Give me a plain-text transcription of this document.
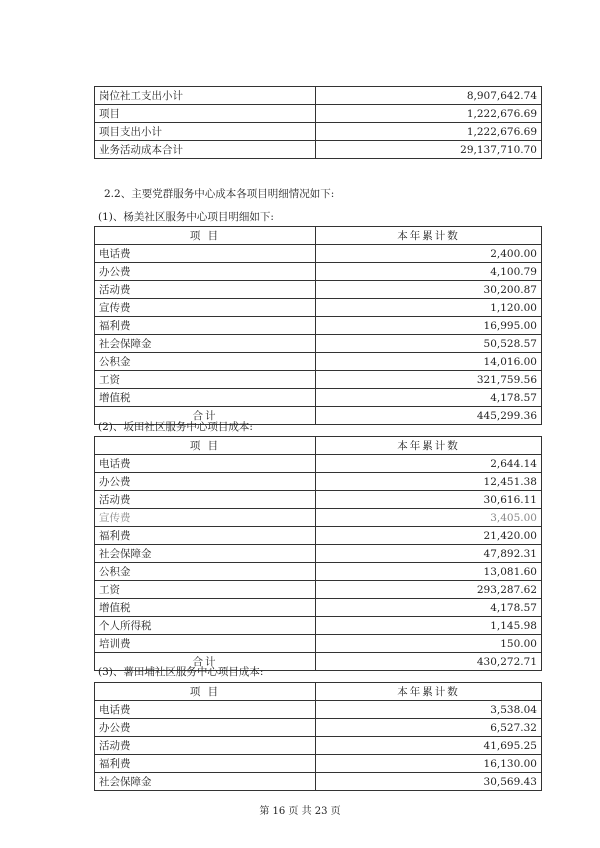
岗位社工支出小计	8,907,642.74
项目	1,222,676.69
项目支出小计	1,222,676.69
业务活动成本合计	29,137,710.70
2.2、主要党群服务中心成本各项目明细情况如下:
(1)、杨美社区服务中心项目明细如下:
项 目	本年累计数
电话费	2,400.00
办公费	4,100.79
活动费	30,200.87
宣传费	1,120.00
福利费	16,995.00
社会保障金	50,528.57
公积金	14,016.00
工资	321,759.56
增值税	4,178.57
合计	445,299.36
(2)、坂田社区服务中心项目成本:
项 目	本年累计数
电话费	2,644.14
办公费	12,451.38
活动费	30,616.11
宣传费	3,405.00
福利费	21,420.00
社会保障金	47,892.31
公积金	13,081.60
工资	293,287.62
增值税	4,178.57
个人所得税	1,145.98
培训费	150.00
合计	430,272.71
(3)、薯田埔社区服务中心项目成本:
项 目	本年累计数
电话费	3,538.04
办公费	6,527.32
活动费	41,695.25
福利费	16,130.00
社会保障金	30,569.43
第 16 页 共 23 页
